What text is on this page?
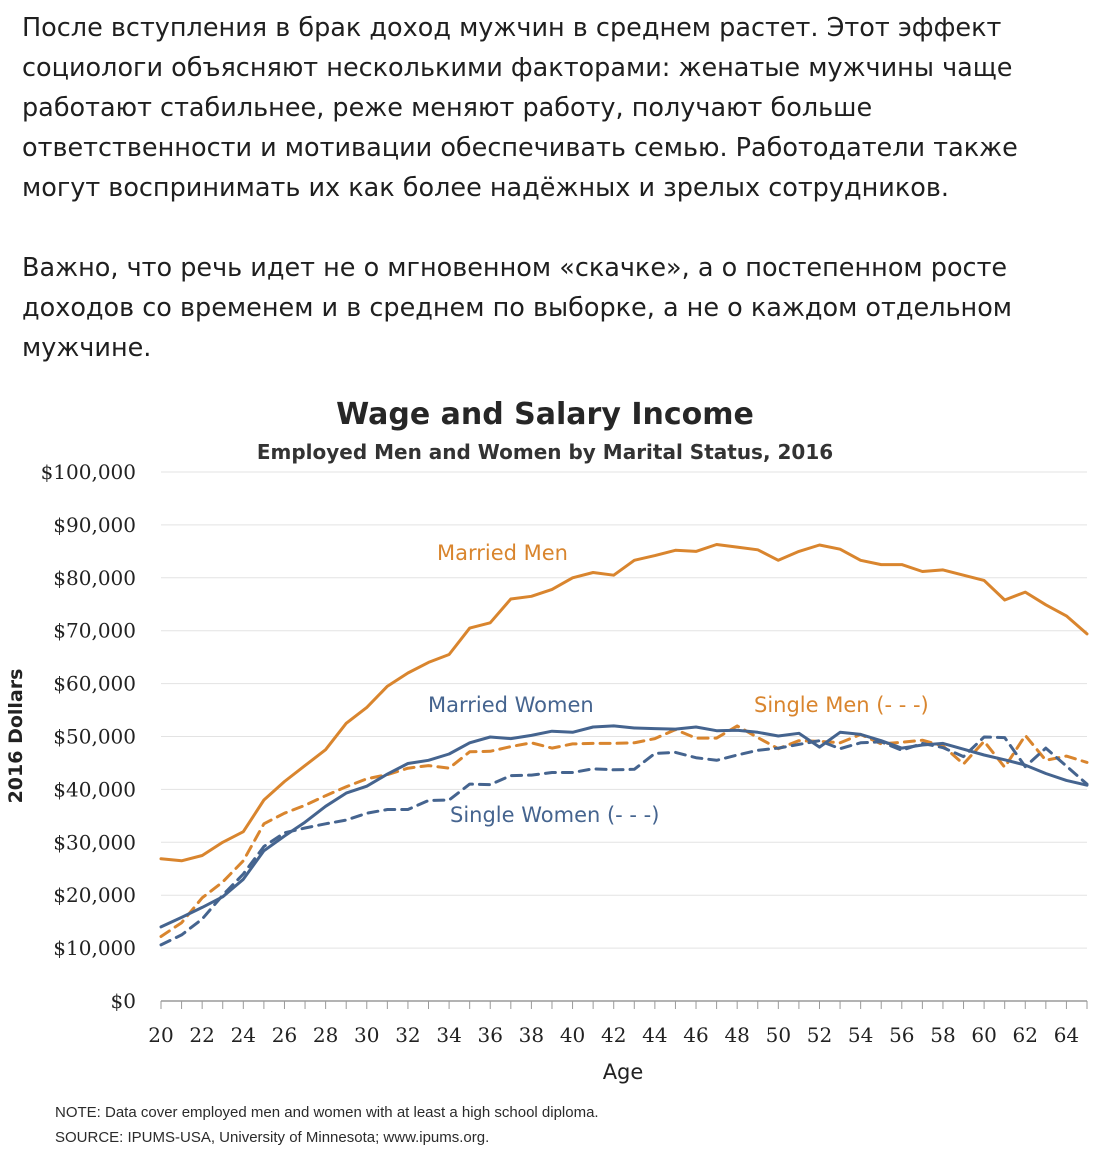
После вступления в брак доход мужчин в среднем растет. Этот эффект социологи объясняют несколькими факторами: женатые мужчины чаще работают стабильнее, реже меняют работу, получают больше ответственности и мотивации обеспечивать семью. Работодатели также могут воспринимать их как более надёжных и зрелых сотрудников.

Важно, что речь идет не о мгновенном «скачке», а о постепенном росте доходов со временем и в среднем по выборке, а не о каждом отдельном мужчине.

Wage and Salary Income
Employed Men and Women by Marital Status, 2016
$0
$10,000
$20,000
$30,000
$40,000
$50,000
$60,000
$70,000
$80,000
$90,000
$100,000
20 22 24 26 28 30 32 34 36 38 40 42 44 46 48 50 52 54 56 58 60 62 64
2016 Dollars
Age
Married Men
Married Women	Single Men (- - -)
Single Women (- - -)
NOTE: Data cover employed men and women with at least a high school diploma.
SOURCE: IPUMS-USA, University of Minnesota; www.ipums.org.
